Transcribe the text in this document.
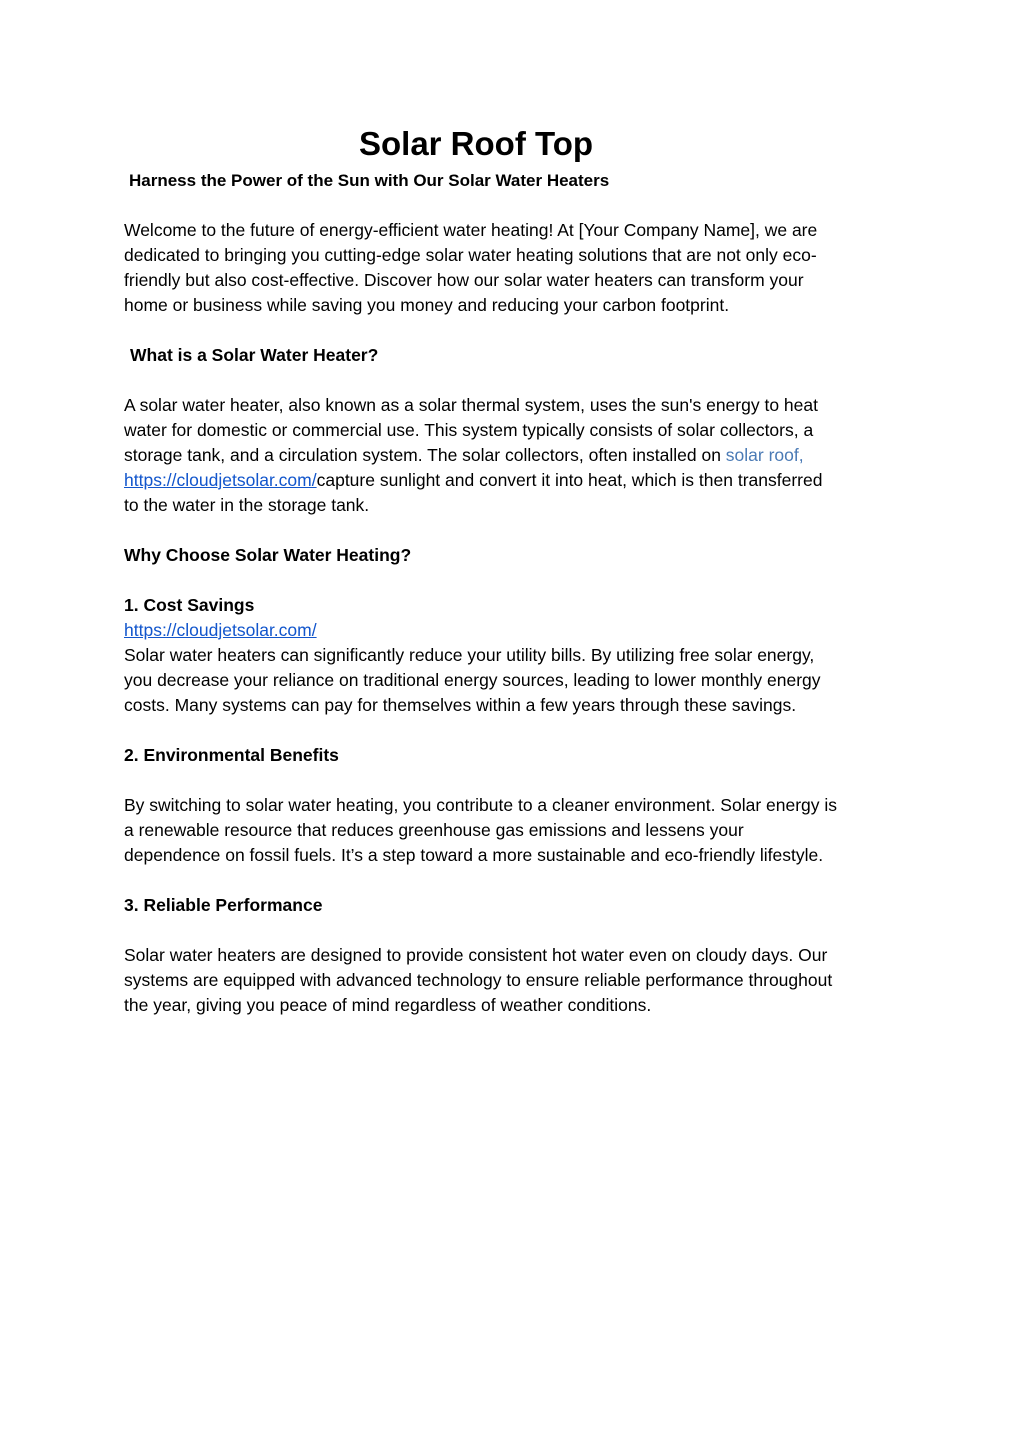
Solar Roof Top
Harness the Power of the Sun with Our Solar Water Heaters

Welcome to the future of energy-efficient water heating! At [Your Company Name], we are
dedicated to bringing you cutting-edge solar water heating solutions that are not only eco-
friendly but also cost-effective. Discover how our solar water heaters can transform your
home or business while saving you money and reducing your carbon footprint.

What is a Solar Water Heater?

A solar water heater, also known as a solar thermal system, uses the sun's energy to heat
water for domestic or commercial use. This system typically consists of solar collectors, a
storage tank, and a circulation system. The solar collectors, often installed on solar roof,
https://cloudjetsolar.com/capture sunlight and convert it into heat, which is then transferred
to the water in the storage tank.

Why Choose Solar Water Heating?
1. Cost Savings

https://cloudjetsolar.com/
Solar water heaters can significantly reduce your utility bills. By utilizing free solar energy,
you decrease your reliance on traditional energy sources, leading to lower monthly energy
costs. Many systems can pay for themselves within a few years through these savings.

2. Environmental Benefits

By switching to solar water heating, you contribute to a cleaner environment. Solar energy is
a renewable resource that reduces greenhouse gas emissions and lessens your
dependence on fossil fuels. It’s a step toward a more sustainable and eco-friendly lifestyle.

3. Reliable Performance

Solar water heaters are designed to provide consistent hot water even on cloudy days. Our
systems are equipped with advanced technology to ensure reliable performance throughout
the year, giving you peace of mind regardless of weather conditions.
